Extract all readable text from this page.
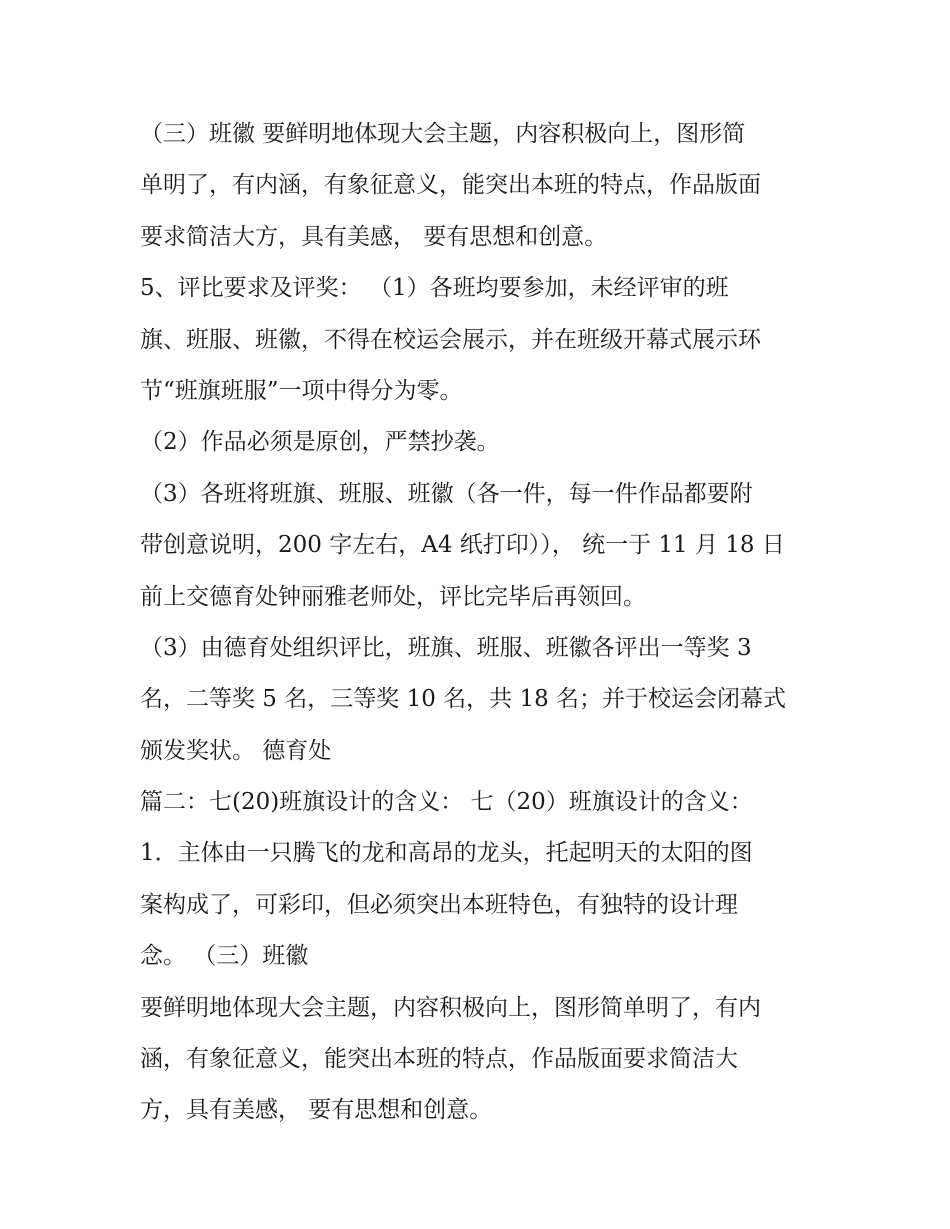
（三）班徽 要鲜明地体现大会主题，内容积极向上，图形简
单明了，有内涵，有象征意义，能突出本班的特点，作品版面
要求简洁大方，具有美感， 要有思想和创意。
5、评比要求及评奖： （1）各班均要参加，未经评审的班
旗、班服、班徽，不得在校运会展示，并在班级开幕式展示环
节“班旗班服”一项中得分为零。
（2）作品必须是原创，严禁抄袭。
（3）各班将班旗、班服、班徽（各一件，每一件作品都要附
带创意说明，200 字左右，A4 纸打印））， 统一于 11 月 18 日
前上交德育处钟丽雅老师处，评比完毕后再领回。
（3）由德育处组织评比，班旗、班服、班徽各评出一等奖 3
名，二等奖 5 名，三等奖 10 名，共 18 名；并于校运会闭幕式
颁发奖状。 德育处
篇二：七(20)班旗设计的含义： 七（20）班旗设计的含义：
1．主体由一只腾飞的龙和高昂的龙头，托起明天的太阳的图
案构成了，可彩印，但必须突出本班特色，有独特的设计理
念。 （三）班徽
要鲜明地体现大会主题，内容积极向上，图形简单明了，有内
涵，有象征意义，能突出本班的特点，作品版面要求简洁大
方，具有美感， 要有思想和创意。
